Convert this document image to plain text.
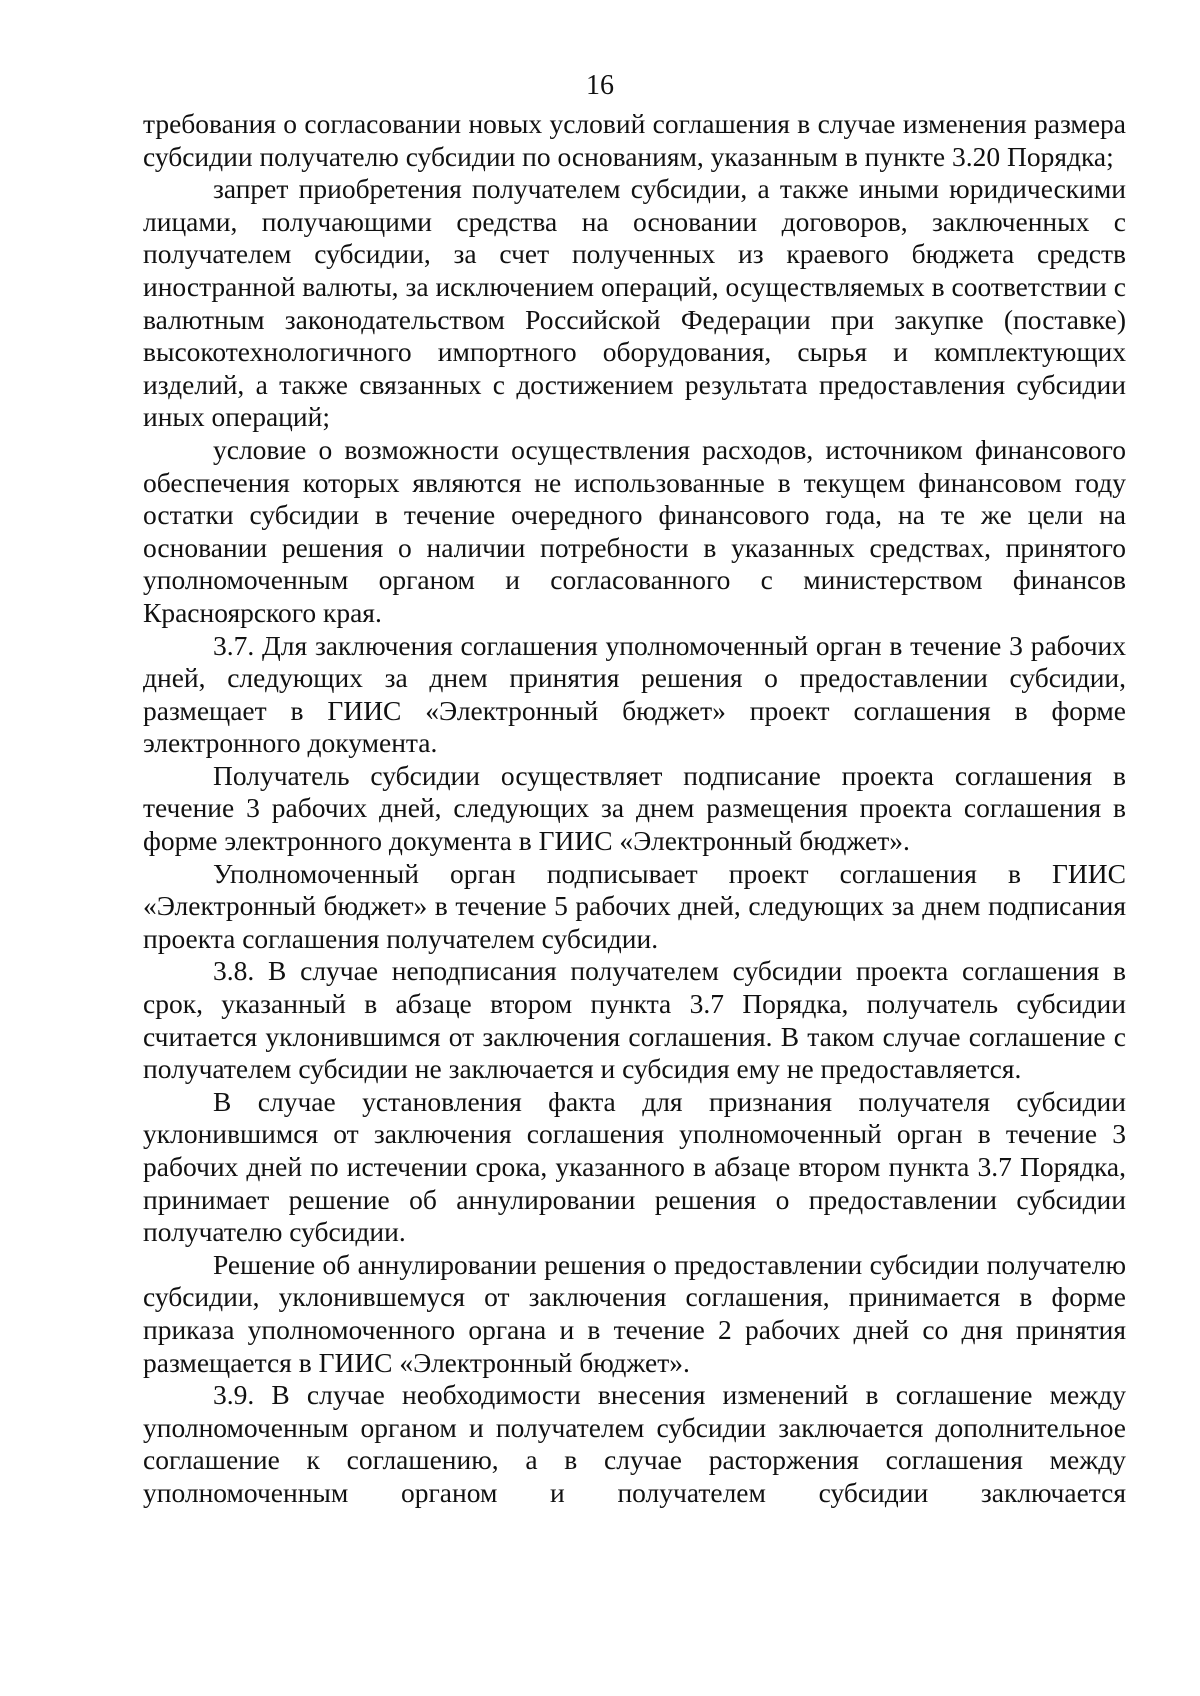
16

требования о согласовании новых условий соглашения в случае изменения размера субсидии получателю субсидии по основаниям, указанным в пункте 3.20 Порядка;

запрет приобретения получателем субсидии, а также иными юридическими лицами, получающими средства на основании договоров, заключенных с получателем субсидии, за счет полученных из краевого бюджета средств иностранной валюты, за исключением операций, осуществляемых в соответствии с валютным законодательством Российской Федерации при закупке (поставке) высокотехнологичного импортного оборудования, сырья и комплектующих изделий, а также связанных с достижением результата предоставления субсидии иных операций;

условие о возможности осуществления расходов, источником финансового обеспечения которых являются не использованные в текущем финансовом году остатки субсидии в течение очередного финансового года, на те же цели на основании решения о наличии потребности в указанных средствах, принятого уполномоченным органом и согласованного с министерством финансов Красноярского края.

3.7. Для заключения соглашения уполномоченный орган в течение 3 рабочих дней, следующих за днем принятия решения о предоставлении субсидии, размещает в ГИИС «Электронный бюджет» проект соглашения в форме электронного документа.

Получатель субсидии осуществляет подписание проекта соглашения в течение 3 рабочих дней, следующих за днем размещения проекта соглашения в форме электронного документа в ГИИС «Электронный бюджет».

Уполномоченный орган подписывает проект соглашения в ГИИС «Электронный бюджет» в течение 5 рабочих дней, следующих за днем подписания проекта соглашения получателем субсидии.

3.8. В случае неподписания получателем субсидии проекта соглашения в срок, указанный в абзаце втором пункта 3.7 Порядка, получатель субсидии считается уклонившимся от заключения соглашения. В таком случае соглашение с получателем субсидии не заключается и субсидия ему не предоставляется.

В случае установления факта для признания получателя субсидии уклонившимся от заключения соглашения уполномоченный орган в течение 3 рабочих дней по истечении срока, указанного в абзаце втором пункта 3.7 Порядка, принимает решение об аннулировании решения о предоставлении субсидии получателю субсидии.

Решение об аннулировании решения о предоставлении субсидии получателю субсидии, уклонившемуся от заключения соглашения, принимается в форме приказа уполномоченного органа и в течение 2 рабочих дней со дня принятия размещается в ГИИС «Электронный бюджет».

3.9. В случае необходимости внесения изменений в соглашение между уполномоченным органом и получателем субсидии заключается дополнительное соглашение к соглашению, а в случае расторжения соглашения между уполномоченным органом и получателем субсидии заключается
